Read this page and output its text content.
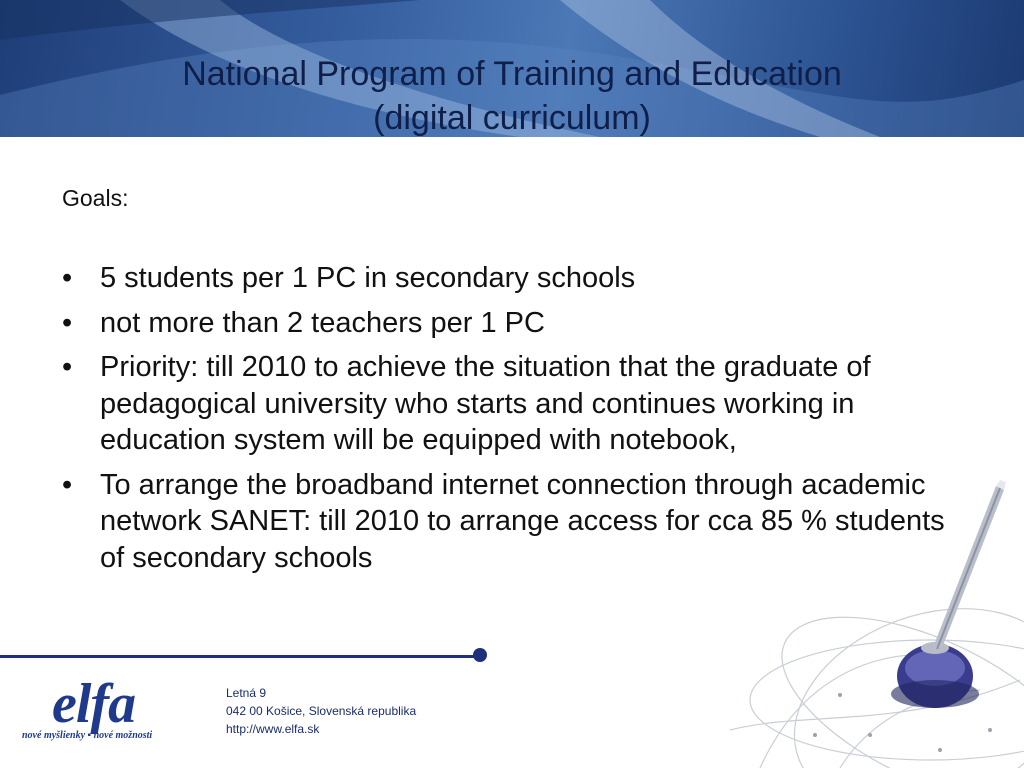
National Program of Training and Education
(digital curriculum)
Goals:
• 5 students per 1 PC in secondary schools
• not more than 2 teachers per 1 PC
• Priority: till 2010 to achieve the situation that the graduate of pedagogical university who starts and continues working in education system will be equipped with notebook,
• To arrange the broadband internet connection through academic network SANET: till 2010 to arrange access for cca 85 % students of secondary schools
elfa
nové myšlienky ▪ nové možnosti
Letná 9
042 00 Košice, Slovenská republika
http://www.elfa.sk
